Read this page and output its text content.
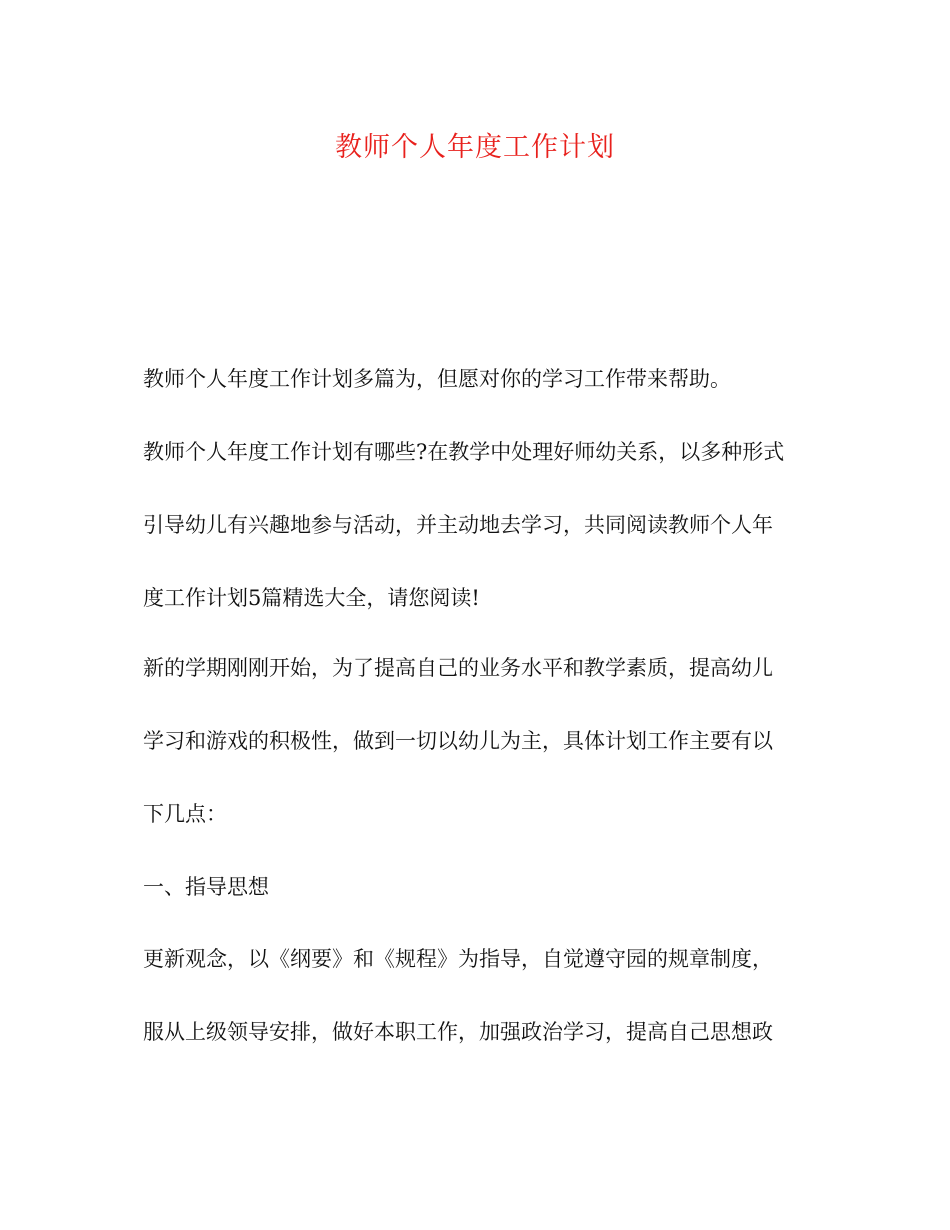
教师个人年度工作计划
教师个人年度工作计划多篇为，但愿对你的学习工作带来帮助。
教师个人年度工作计划有哪些?在教学中处理好师幼关系，以多种形式
引导幼儿有兴趣地参与活动，并主动地去学习，共同阅读教师个人年
度工作计划5篇精选大全，请您阅读!
新的学期刚刚开始，为了提高自己的业务水平和教学素质，提高幼儿
学习和游戏的积极性，做到一切以幼儿为主，具体计划工作主要有以
下几点：
一、指导思想
更新观念，以《纲要》和《规程》为指导，自觉遵守园的规章制度，
服从上级领导安排，做好本职工作，加强政治学习，提高自己思想政
